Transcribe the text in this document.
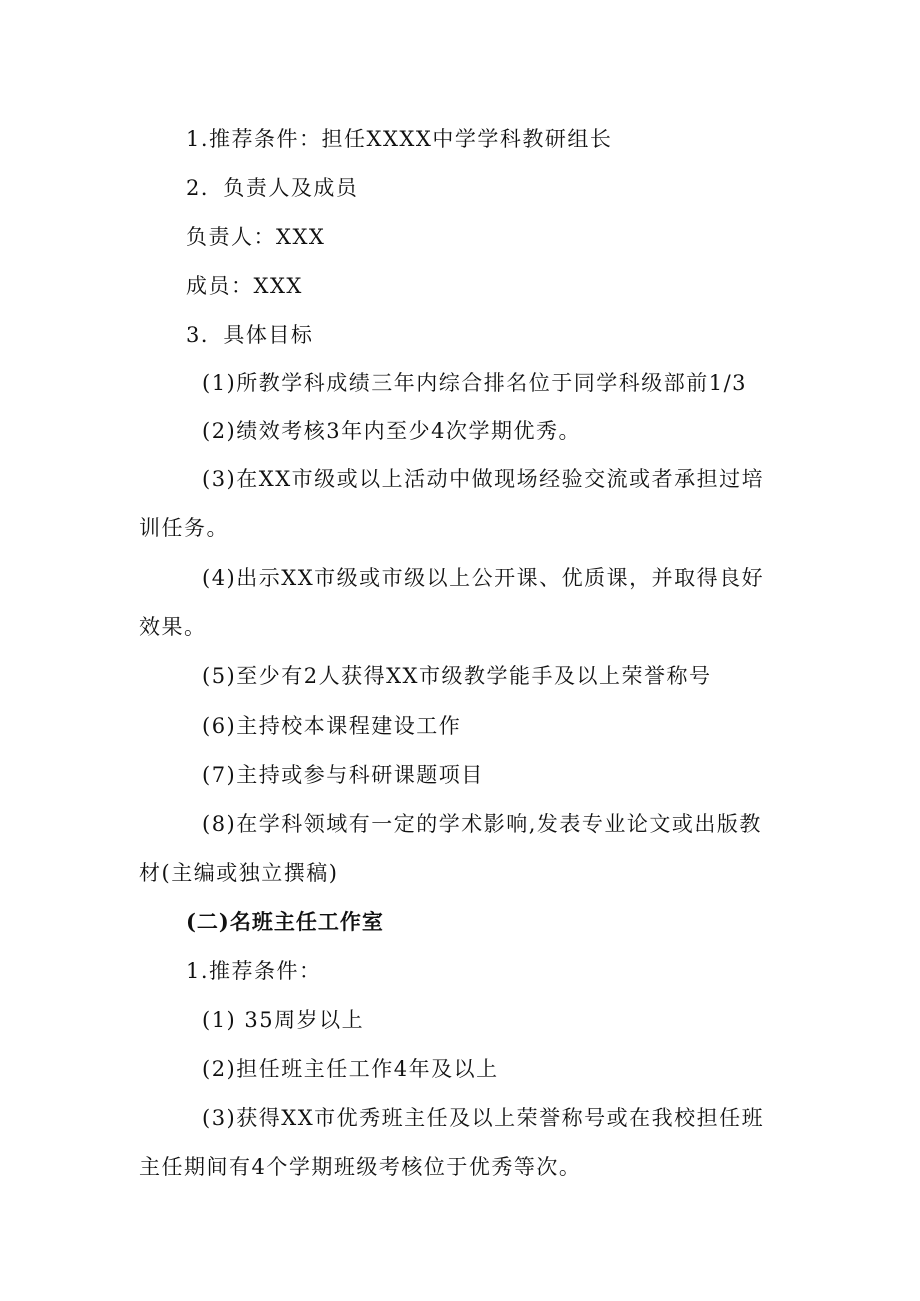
1.推荐条件：担任XXXX中学学科教研组长
2．负责人及成员
负责人：XXX
成员：XXX
3．具体目标
(1)所教学科成绩三年内综合排名位于同学科级部前1/3
(2)绩效考核3年内至少4次学期优秀。
(3)在XX市级或以上活动中做现场经验交流或者承担过培
训任务。
(4)出示XX市级或市级以上公开课、优质课，并取得良好
效果。
(5)至少有2人获得XX市级教学能手及以上荣誉称号
(6)主持校本课程建设工作
(7)主持或参与科研课题项目
(8)在学科领域有一定的学术影响,发表专业论文或出版教
材(主编或独立撰稿)
(二)名班主任工作室
1.推荐条件：
(1) 35周岁以上
(2)担任班主任工作4年及以上
(3)获得XX市优秀班主任及以上荣誉称号或在我校担任班
主任期间有4个学期班级考核位于优秀等次。
